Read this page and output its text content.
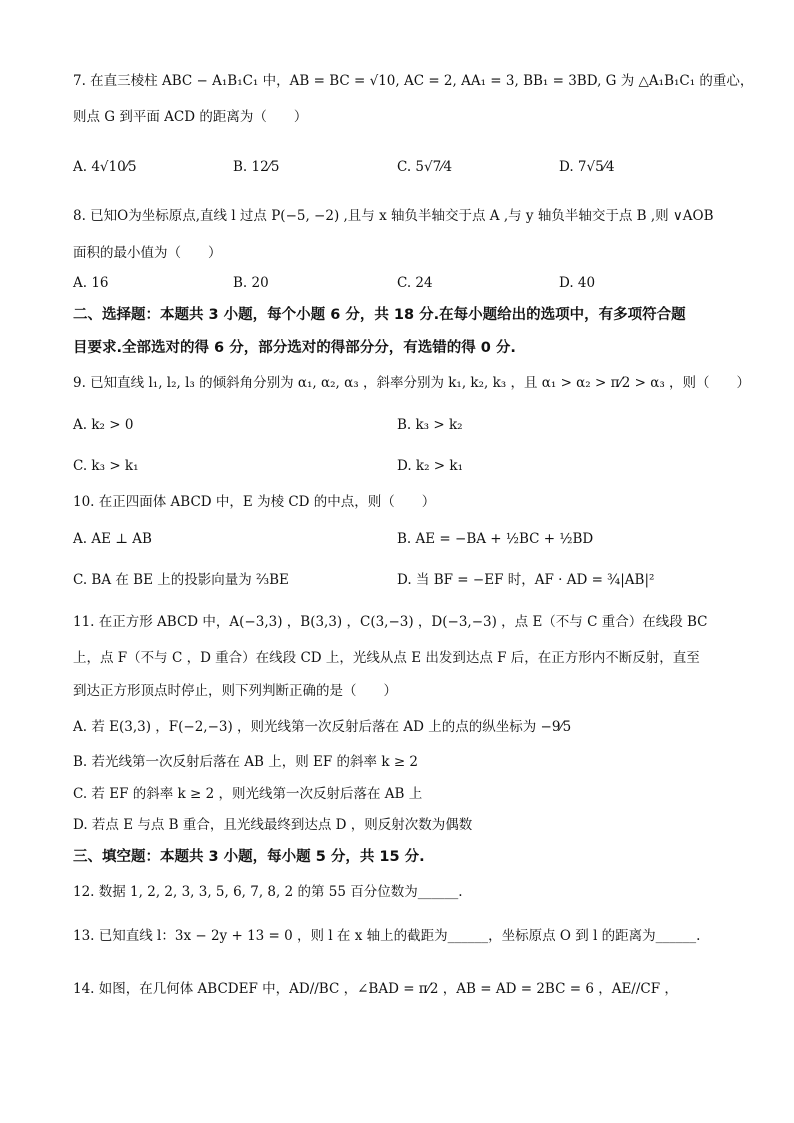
7. 在直三棱柱 ABC − A₁B₁C₁ 中，AB = BC = √10, AC = 2, AA₁ = 3, BB₁ = 3BD, G 为 △A₁B₁C₁ 的重心，
则点 G 到平面 ACD 的距离为（　　）
A. 4√10⁄5	B. 12⁄5	C. 5√7⁄4	D. 7√5⁄4
8. 已知O为坐标原点,直线 l 过点 P(−5, −2) ,且与 x 轴负半轴交于点 A ,与 y 轴负半轴交于点 B ,则 ∨AOB
面积的最小值为（　　）
A. 16	B. 20	C. 24	D. 40
二、选择题：本题共 3 小题，每个小题 6 分，共 18 分.在每小题给出的选项中，有多项符合题
目要求.全部选对的得 6 分，部分选对的得部分分，有选错的得 0 分.
9. 已知直线 l₁, l₂, l₃ 的倾斜角分别为 α₁, α₂, α₃ ，斜率分别为 k₁, k₂, k₃ ，且 α₁ > α₂ > π⁄2 > α₃ ，则（　　）
A. k₂ > 0	B. k₃ > k₂
C. k₃ > k₁	D. k₂ > k₁
10. 在正四面体 ABCD 中，E 为棱 CD 的中点，则（　　）
A. AE ⊥ AB	B. AE = −BA + ½BC + ½BD
C. BA 在 BE 上的投影向量为 ⅔BE	D. 当 BF = −EF 时，AF · AD = ¾|AB|²
11. 在正方形 ABCD 中，A(−3,3) ，B(3,3) ，C(3,−3) ，D(−3,−3) ，点 E（不与 C 重合）在线段 BC
上，点 F（不与 C ，D 重合）在线段 CD 上，光线从点 E 出发到达点 F 后，在正方形内不断反射，直至
到达正方形顶点时停止，则下列判断正确的是（　　）
A. 若 E(3,3) ，F(−2,−3) ，则光线第一次反射后落在 AD 上的点的纵坐标为 −9⁄5
B. 若光线第一次反射后落在 AB 上，则 EF 的斜率 k ≥ 2
C. 若 EF 的斜率 k ≥ 2 ，则光线第一次反射后落在 AB 上
D. 若点 E 与点 B 重合，且光线最终到达点 D ，则反射次数为偶数
三、填空题：本题共 3 小题，每小题 5 分，共 15 分.
12. 数据 1, 2, 2, 3, 3, 5, 6, 7, 8, 2 的第 55 百分位数为______.
13. 已知直线 l：3x − 2y + 13 = 0 ，则 l 在 x 轴上的截距为______，坐标原点 O 到 l 的距离为______.
14. 如图，在几何体 ABCDEF 中，AD//BC ，∠BAD = π⁄2 ，AB = AD = 2BC = 6 ，AE//CF ，
